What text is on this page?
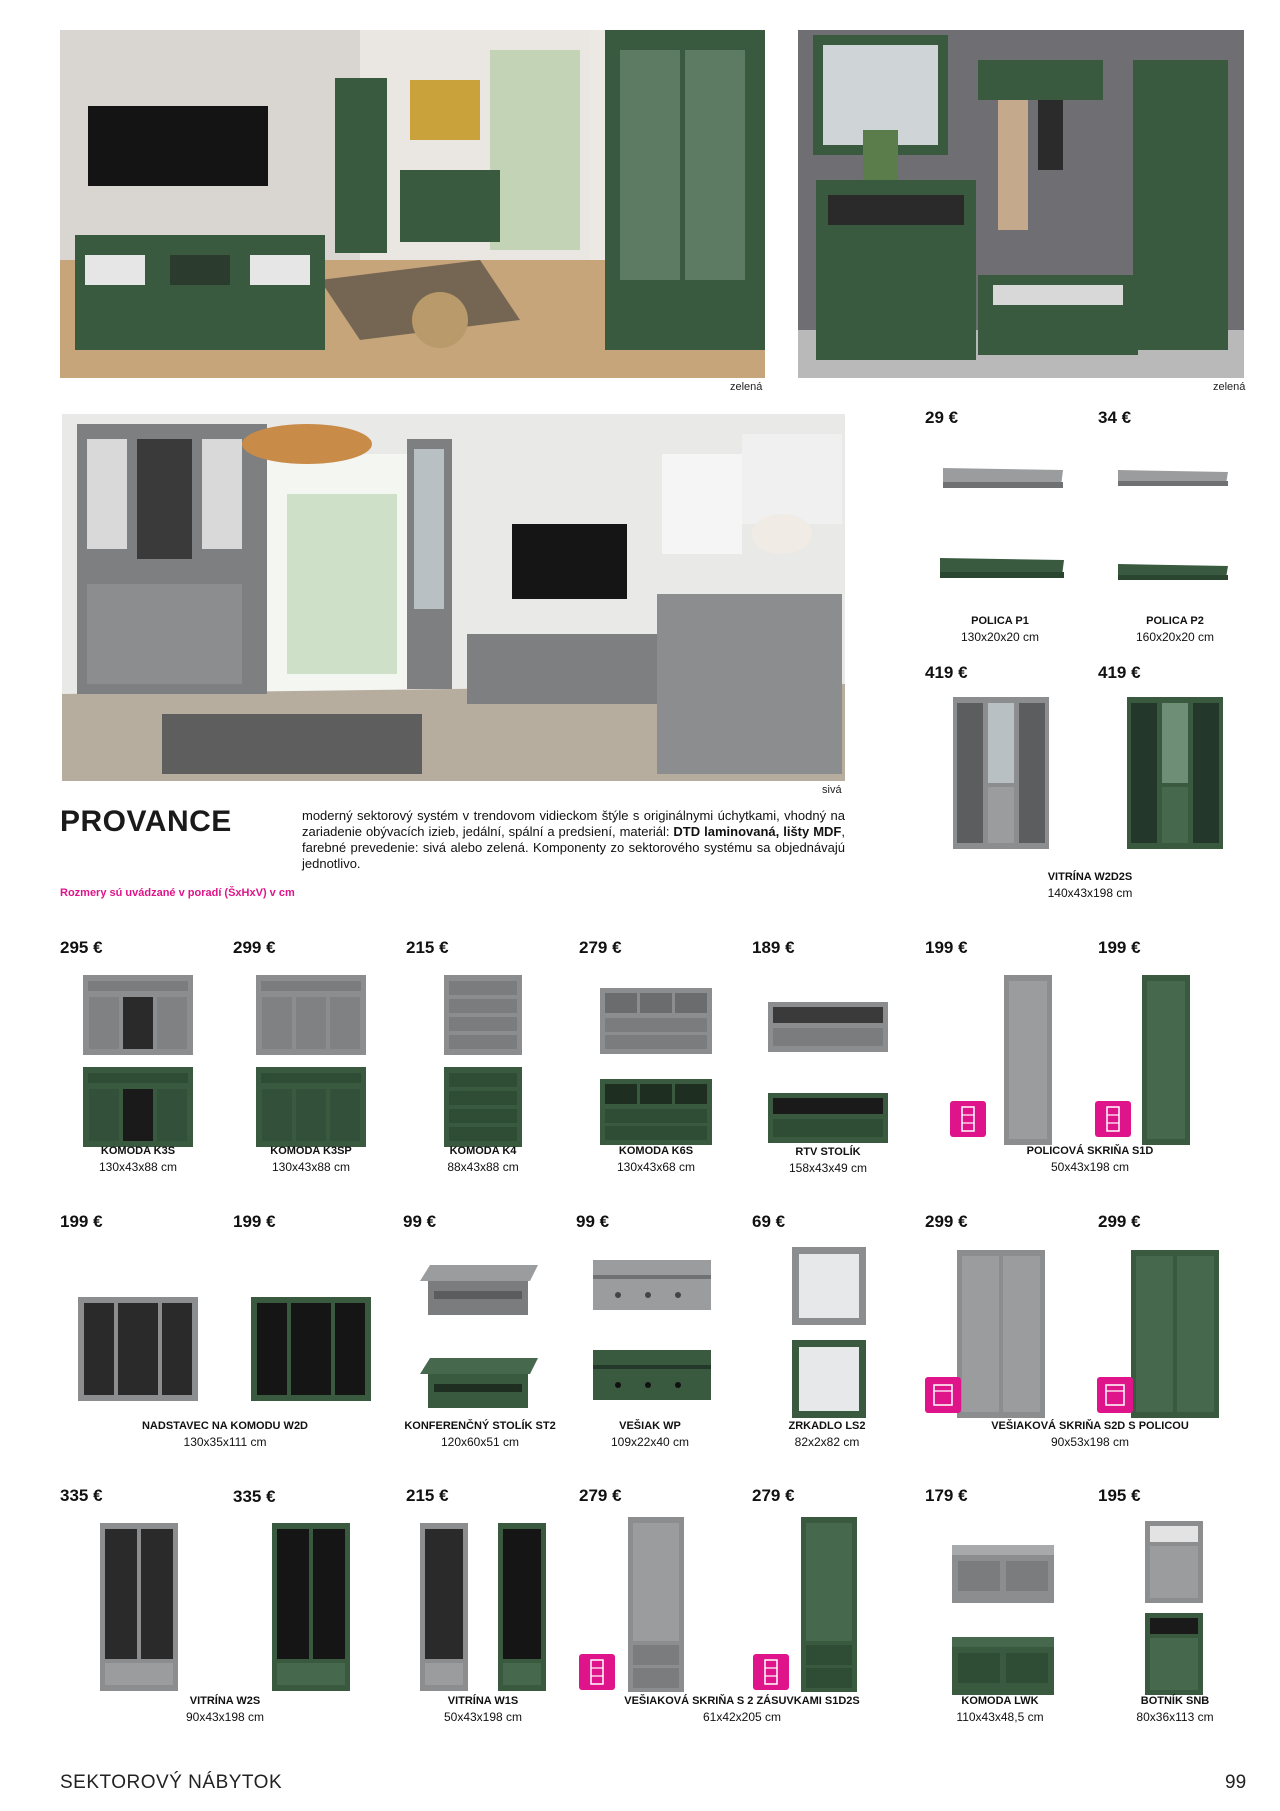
zelená	zelená
sivá
PROVANCE	moderný sektorový systém v trendovom vidieckom štýle s originálnymi úchytkami, vhodný na zariadenie obývacích izieb, jedální, spální a predsiení, materiál: DTD laminovaná, lišty MDF, farebné prevedenie: sivá alebo zelená. Komponenty zo sektorového systému sa objednávajú jednotlivo.
Rozmery sú uvádzané v poradí (ŠxHxV) v cm
29 €	34 €
POLICA P1
130x20x20 cm
POLICA P2
160x20x20 cm
419 €	419 €
VITRÍNA W2D2S
140x43x198 cm
295 €	299 €	215 €	279 €	189 €	199 €	199 €
KOMODA K3S
130x43x88 cm
KOMODA K3SP
130x43x88 cm
KOMODA K4
88x43x88 cm
KOMODA K6S
130x43x68 cm
RTV STOLÍK
158x43x49 cm
POLICOVÁ SKRIŇA S1D
50x43x198 cm
199 €	199 €	99 €	99 €	69 €	299 €	299 €
NADSTAVEC NA KOMODU W2D
130x35x111 cm
KONFERENČNÝ STOLÍK ST2
120x60x51 cm
VEŠIAK WP
109x22x40 cm
ZRKADLO LS2
82x2x82 cm
VEŠIAKOVÁ SKRIŇA S2D S POLICOU
90x53x198 cm
335 €	335 €	215 €	279 €	279 €	179 €	195 €
VITRÍNA W2S
90x43x198 cm
VITRÍNA W1S
50x43x198 cm
VEŠIAKOVÁ SKRIŇA S 2 ZÁSUVKAMI S1D2S
61x42x205 cm
KOMODA LWK
110x43x48,5 cm
BOTNÍK SNB
80x36x113 cm
SEKTOROVÝ NÁBYTOK	99
